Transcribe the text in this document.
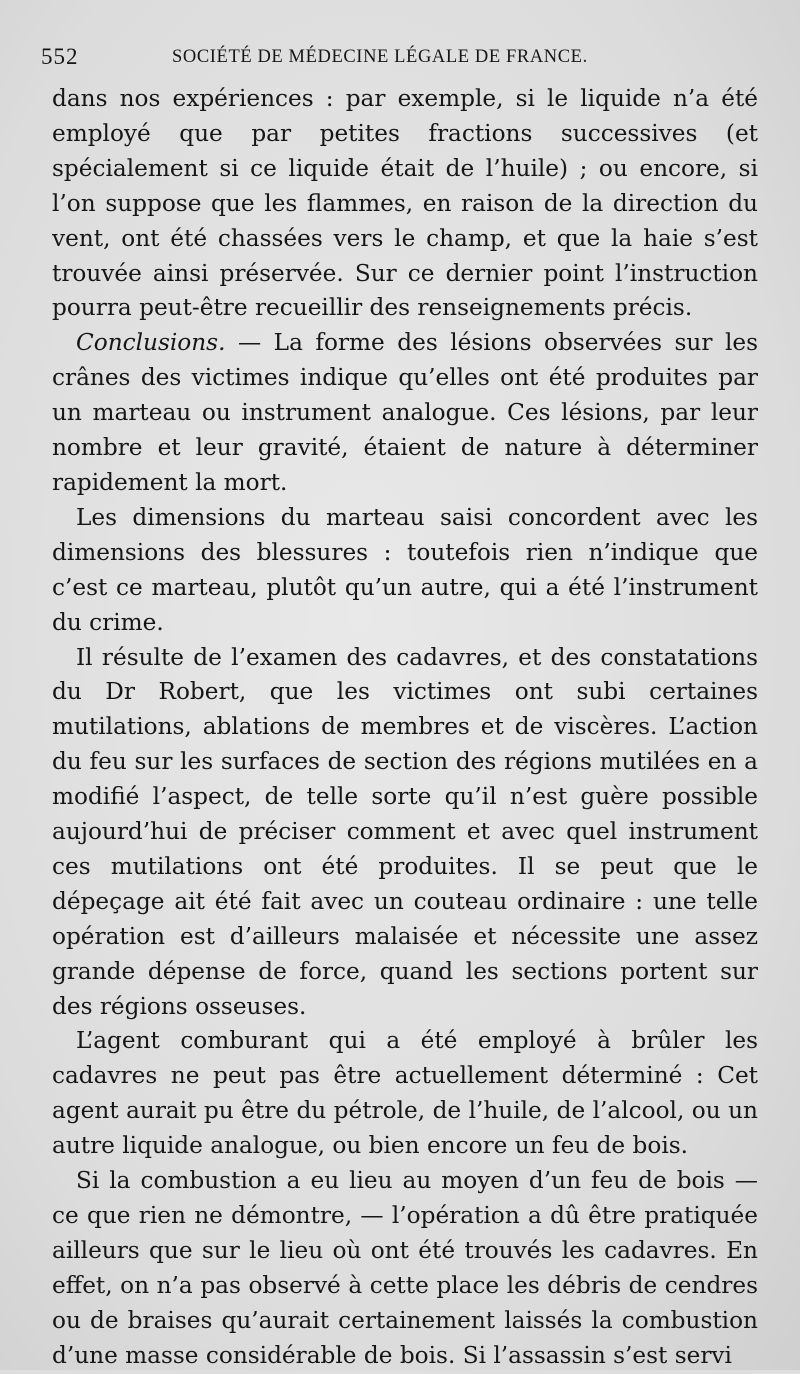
552	SOCIÉTÉ DE MÉDECINE LÉGALE DE FRANCE.

dans nos expériences : par exemple, si le liquide n’a été employé que par petites fractions successives (et spécialement si ce liquide était de l’huile) ; ou encore, si l’on suppose que les flammes, en raison de la direction du vent, ont été chassées vers le champ, et que la haie s’est trouvée ainsi préservée. Sur ce dernier point l’instruction pourra peut-être recueillir des renseignements précis.

Conclusions. — La forme des lésions observées sur les crânes des victimes indique qu’elles ont été produites par un marteau ou instrument analogue. Ces lésions, par leur nombre et leur gravité, étaient de nature à déterminer rapidement la mort.

Les dimensions du marteau saisi concordent avec les dimensions des blessures : toutefois rien n’indique que c’est ce marteau, plutôt qu’un autre, qui a été l’instrument du crime.

Il résulte de l’examen des cadavres, et des constatations du Dr Robert, que les victimes ont subi certaines mutilations, ablations de membres et de viscères. L’action du feu sur les surfaces de section des régions mutilées en a modifié l’aspect, de telle sorte qu’il n’est guère possible aujourd’hui de préciser comment et avec quel instrument ces mutilations ont été produites. Il se peut que le dépeçage ait été fait avec un couteau ordinaire : une telle opération est d’ailleurs malaisée et nécessite une assez grande dépense de force, quand les sections portent sur des régions osseuses.

L’agent comburant qui a été employé à brûler les cadavres ne peut pas être actuellement déterminé : Cet agent aurait pu être du pétrole, de l’huile, de l’alcool, ou un autre liquide analogue, ou bien encore un feu de bois.

Si la combustion a eu lieu au moyen d’un feu de bois — ce que rien ne démontre, — l’opération a dû être pratiquée ailleurs que sur le lieu où ont été trouvés les cadavres. En effet, on n’a pas observé à cette place les débris de cendres ou de braises qu’aurait certainement laissés la combustion d’une masse considérable de bois. Si l’assassin s’est servi
